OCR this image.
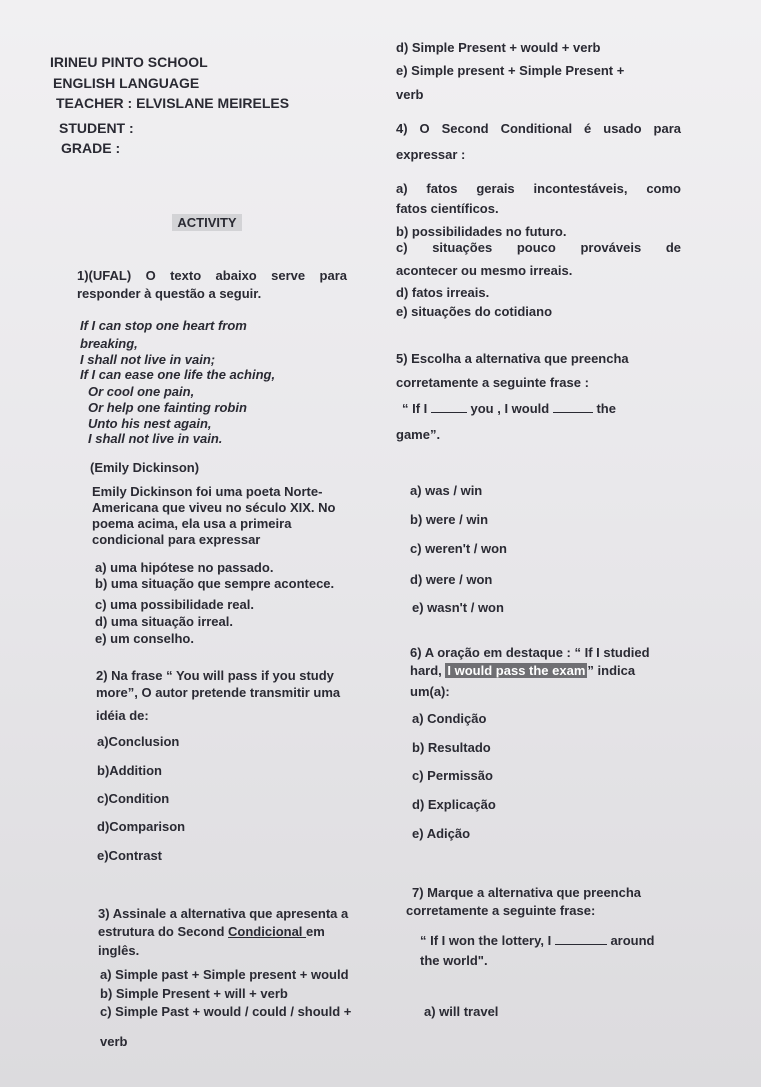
IRINEU PINTO SCHOOL
ENGLISH LANGUAGE
TEACHER : ELVISLANE MEIRELES
STUDENT :
GRADE :
ACTIVITY
1)(UFAL) O texto abaixo serve para
responder à questão a seguir.
If I can stop one heart from
breaking,
I shall not live in vain;
If I can ease one life the aching,
Or cool one pain,
Or help one fainting robin
Unto his nest again,
I shall not live in vain.
(Emily Dickinson)
Emily Dickinson foi uma poeta Norte-
Americana que viveu no século XIX. No
poema acima, ela usa a primeira
condicional para expressar
a) uma hipótese no passado.
b) uma situação que sempre acontece.
c) uma possibilidade real.
d) uma situação irreal.
e) um conselho.
2) Na frase “ You will pass if you study
more”, O autor pretende transmitir uma
idéia de:
a)Conclusion
b)Addition
c)Condition
d)Comparison
e)Contrast
3) Assinale a alternativa que apresenta a
estrutura do Second Condicional em
inglês.
a) Simple past + Simple present + would
b) Simple Present + will + verb
c) Simple Past + would / could / should +
verb
d) Simple Present + would + verb
e) Simple present + Simple Present +
verb
4) O Second Conditional é usado para
expressar :
a) fatos gerais incontestáveis, como
fatos científicos.
b) possibilidades no futuro.
c) situações pouco prováveis de
acontecer ou mesmo irreais.
d) fatos irreais.
e) situações do cotidiano
5) Escolha a alternativa que preencha
corretamente a seguinte frase :
“ If I	you , I would	the
game”.
a) was / win
b) were / win
c) weren't / won
d) were / won
e) wasn't / won
6) A oração em destaque : “ If I studied
hard, I would pass the exam ” indica
um(a):
a) Condição
b) Resultado
c) Permissão
d) Explicação
e) Adição
7) Marque a alternativa que preencha
corretamente a seguinte frase:
“ If I won the lottery, I	around
the world".
a) will travel
